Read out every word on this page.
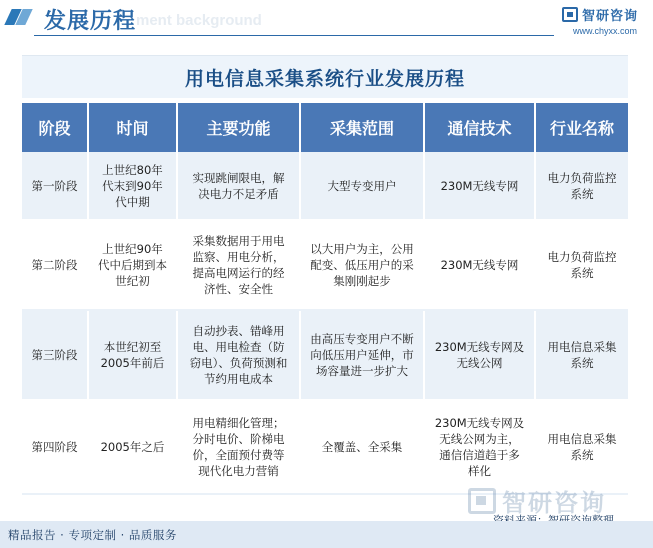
ment background
发展历程	智研咨询
www.chyxx.com
用电信息采集系统行业发展历程
阶段	时间	主要功能	采集范围	通信技术	行业名称
第一阶段	上世纪80年代末到90年代中期	实现跳闸限电，解决电力不足矛盾	大型专变用户	230M无线专网	电力负荷监控系统
第二阶段	上世纪90年代中后期到本世纪初	采集数据用于用电 监察、用电分析，提高电网运行的经 济性、安全性	以大用户为主，公用配变、低压用户的采集刚刚起步	230M无线专网	电力负荷监控系统
第三阶段	本世纪初至2005年前后	自动抄表、错峰用电、用电检查（防窃电）、负荷预测和节约用电成本	由高压专变用户不断向低压用户延伸，市场容量进一步扩大	230M无线专网及无线公网	用电信息采集系统
第四阶段	2005年之后	用电精细化管理；分时电价、阶梯电价，全面预付费等现代化电力营销	全覆盖、全采集	230M无线专网及无线公网为主，通信信道趋于多样化	用电信息采集系统
智研咨询
精品报告 · 专项定制 · 品质服务
